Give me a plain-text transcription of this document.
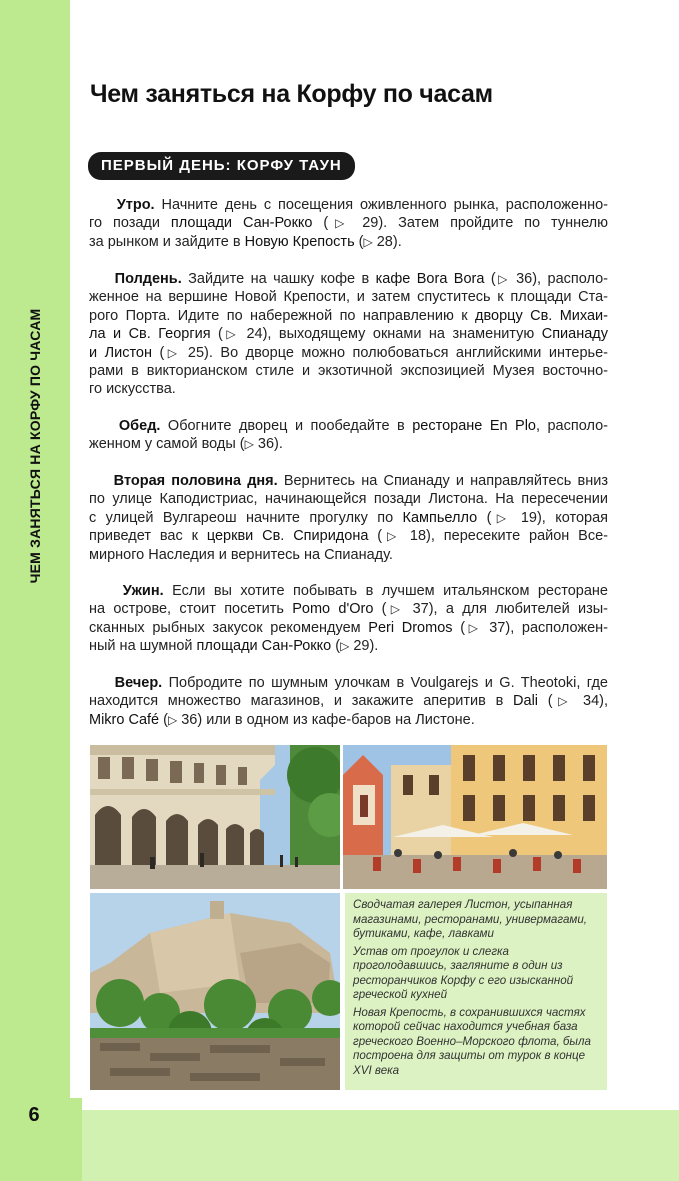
ЧЕМ ЗАНЯТЬСЯ НА КОРФУ ПО ЧАСАМ
6
Чем заняться на Корфу по часам
ПЕРВЫЙ ДЕНЬ: КОРФУ ТАУН
Утро. Начните день с посещения оживленного рынка, расположенно-
го позади площади Сан-Рокко (▷ 29). Затем пройдите по туннелю
за рынком и зайдите в Новую Крепость (▷ 28).
Полдень. Зайдите на чашку кофе в кафе Bora Bora (▷ 36), располо-
женное на вершине Новой Крепости, и затем спуститесь к площади Ста-
рого Порта. Идите по набережной по направлению к дворцу Св. Михаи-
ла и Св. Георгия (▷ 24), выходящему окнами на знаменитую Спианаду
и Листон (▷ 25). Во дворце можно полюбоваться английскими интерье-
рами в викторианском стиле и экзотичной экспозицией Музея восточно-
го искусства.
Обед. Обогните дворец и пообедайте в ресторане En Plo, располо-
женном у самой воды (▷ 36).
Вторая половина дня. Вернитесь на Спианаду и направляйтесь вниз
по улице Каподистриас, начинающейся позади Листона. На пересечении
с улицей Вулгареош начните прогулку по Кампьелло (▷ 19), которая
приведет вас к церкви Св. Спиридона (▷ 18), пересеките район Все-
мирного Наследия и вернитесь на Спианаду.
Ужин. Если вы хотите побывать в лучшем итальянском ресторане
на острове, стоит посетить Pomo d'Oro (▷ 37), а для любителей изы-
сканных рыбных закусок рекомендуем Peri Dromos (▷ 37), расположен-
ный на шумной площади Сан-Рокко (▷ 29).
Вечер. Побродите по шумным улочкам в Voulgarejs и G. Theotoki, где
находится множество магазинов, и закажите аперитив в Dali (▷ 34),
Mikro Café (▷ 36) или в одном из кафе-баров на Листоне.

Сводчатая галерея Листон, усыпанная магазинами, ресторанами, универмагами, бутиками, кафе, лавками

Устав от прогулок и слегка проголодавшись, загляните в один из ресторанчиков Корфу с его изысканной греческой кухней

Новая Крепость, в сохранившихся частях которой сейчас находится учебная база греческого Военно–Морского флота, была построена для защиты от турок в конце XVI века
